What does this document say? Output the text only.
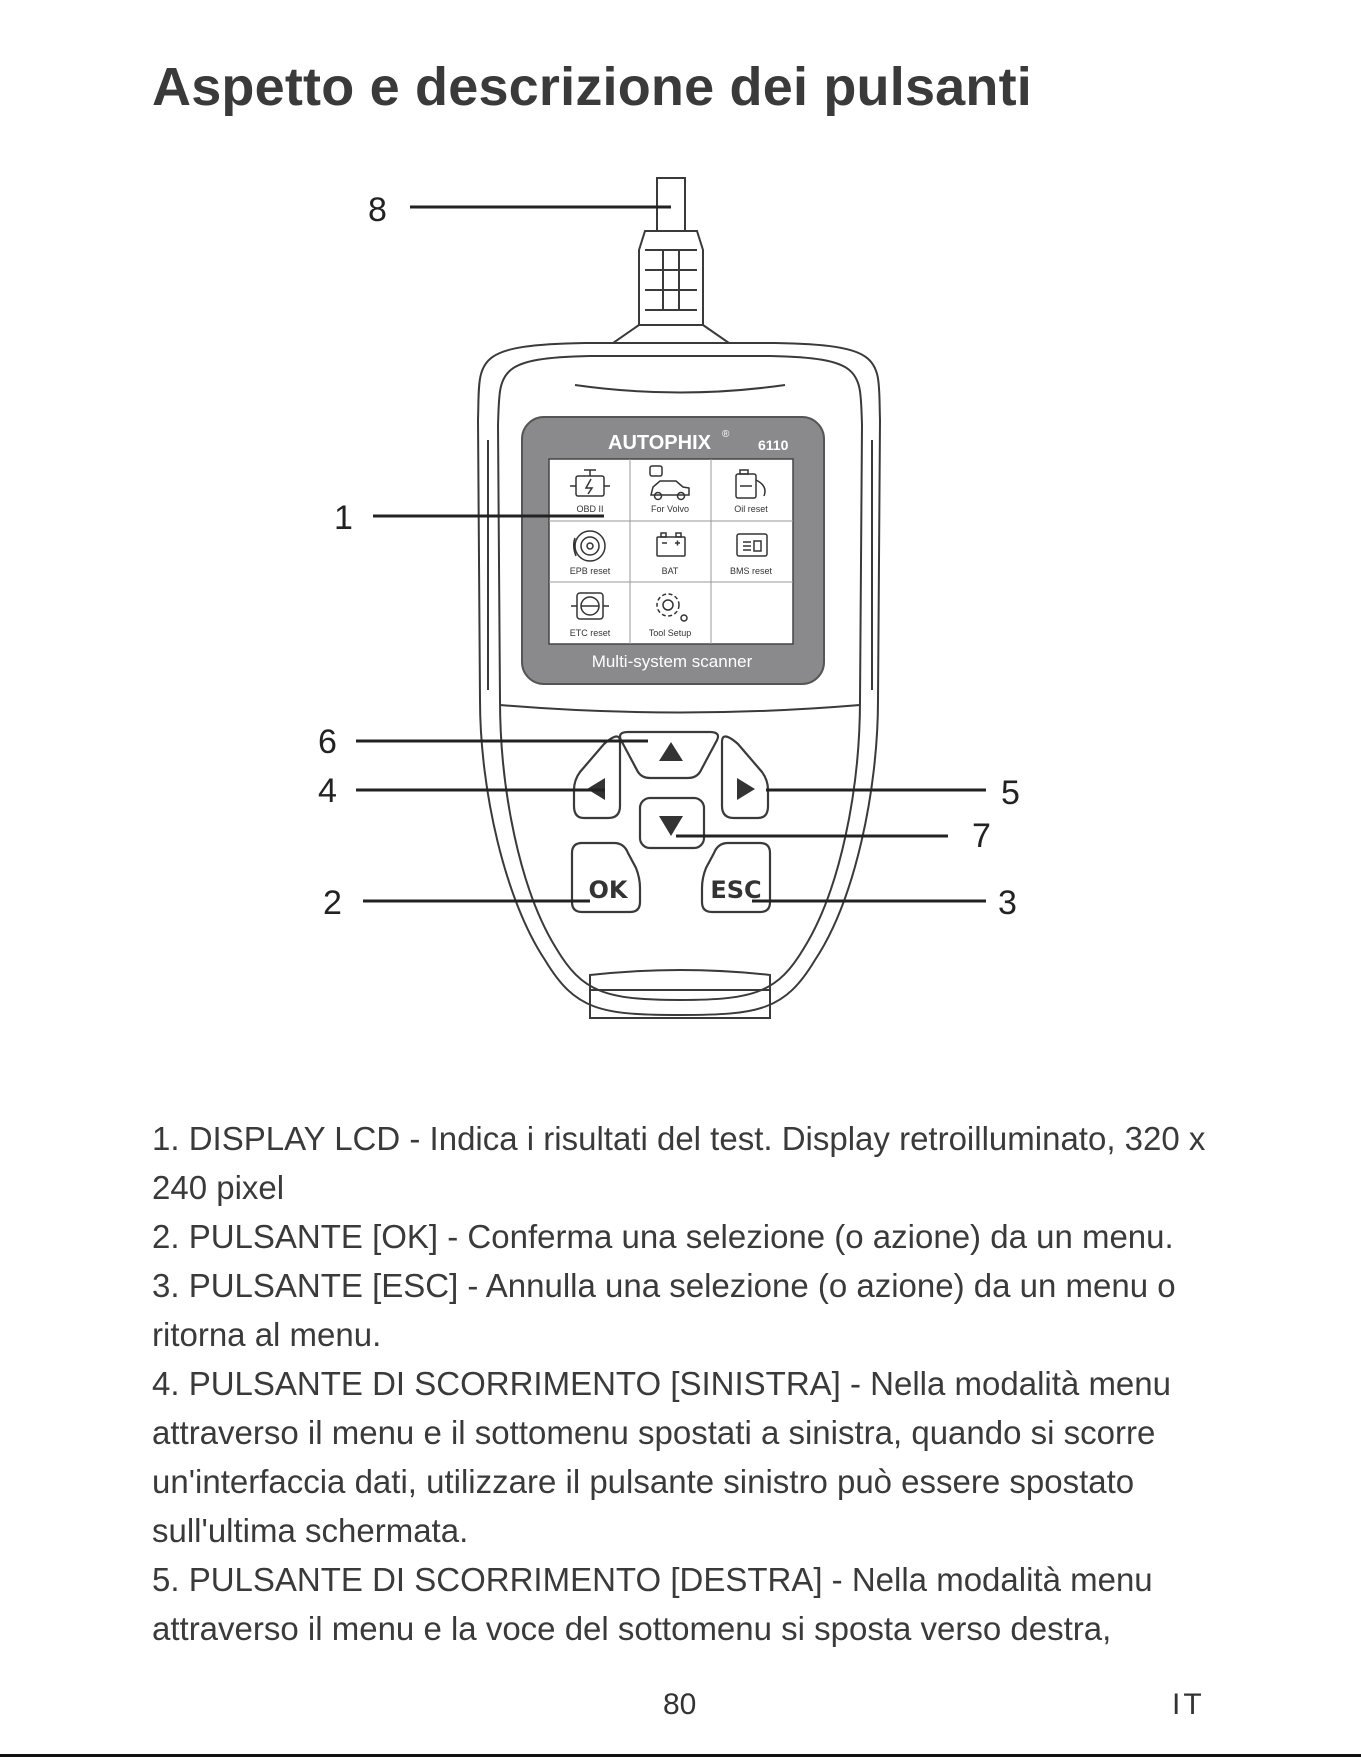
Aspetto e descrizione dei pulsanti
AUTOPHIX ®
6110
OBD II	For Volvo	Oil reset
EPB reset	BAT	BMS reset
ETC reset	Tool Setup
Multi-system scanner
OK	ESC
8
1
6
4	5
7
2	3

1. DISPLAY LCD - Indica i risultati del test. Display retroilluminato, 320 x 240 pixel

2. PULSANTE [OK] - Conferma una selezione (o azione) da un menu.

3. PULSANTE [ESC] - Annulla una selezione (o azione) da un menu o ritorna al menu.

4. PULSANTE DI SCORRIMENTO [SINISTRA] - Nella modalità menu attraverso il menu e il sottomenu spostati a sinistra, quando si scorre un'interfaccia dati, utilizzare il pulsante sinistro può essere spostato sull'ultima schermata.

5. PULSANTE DI SCORRIMENTO [DESTRA] - Nella modalità menu attraverso il menu e la voce del sottomenu si sposta verso destra,

80	IT
